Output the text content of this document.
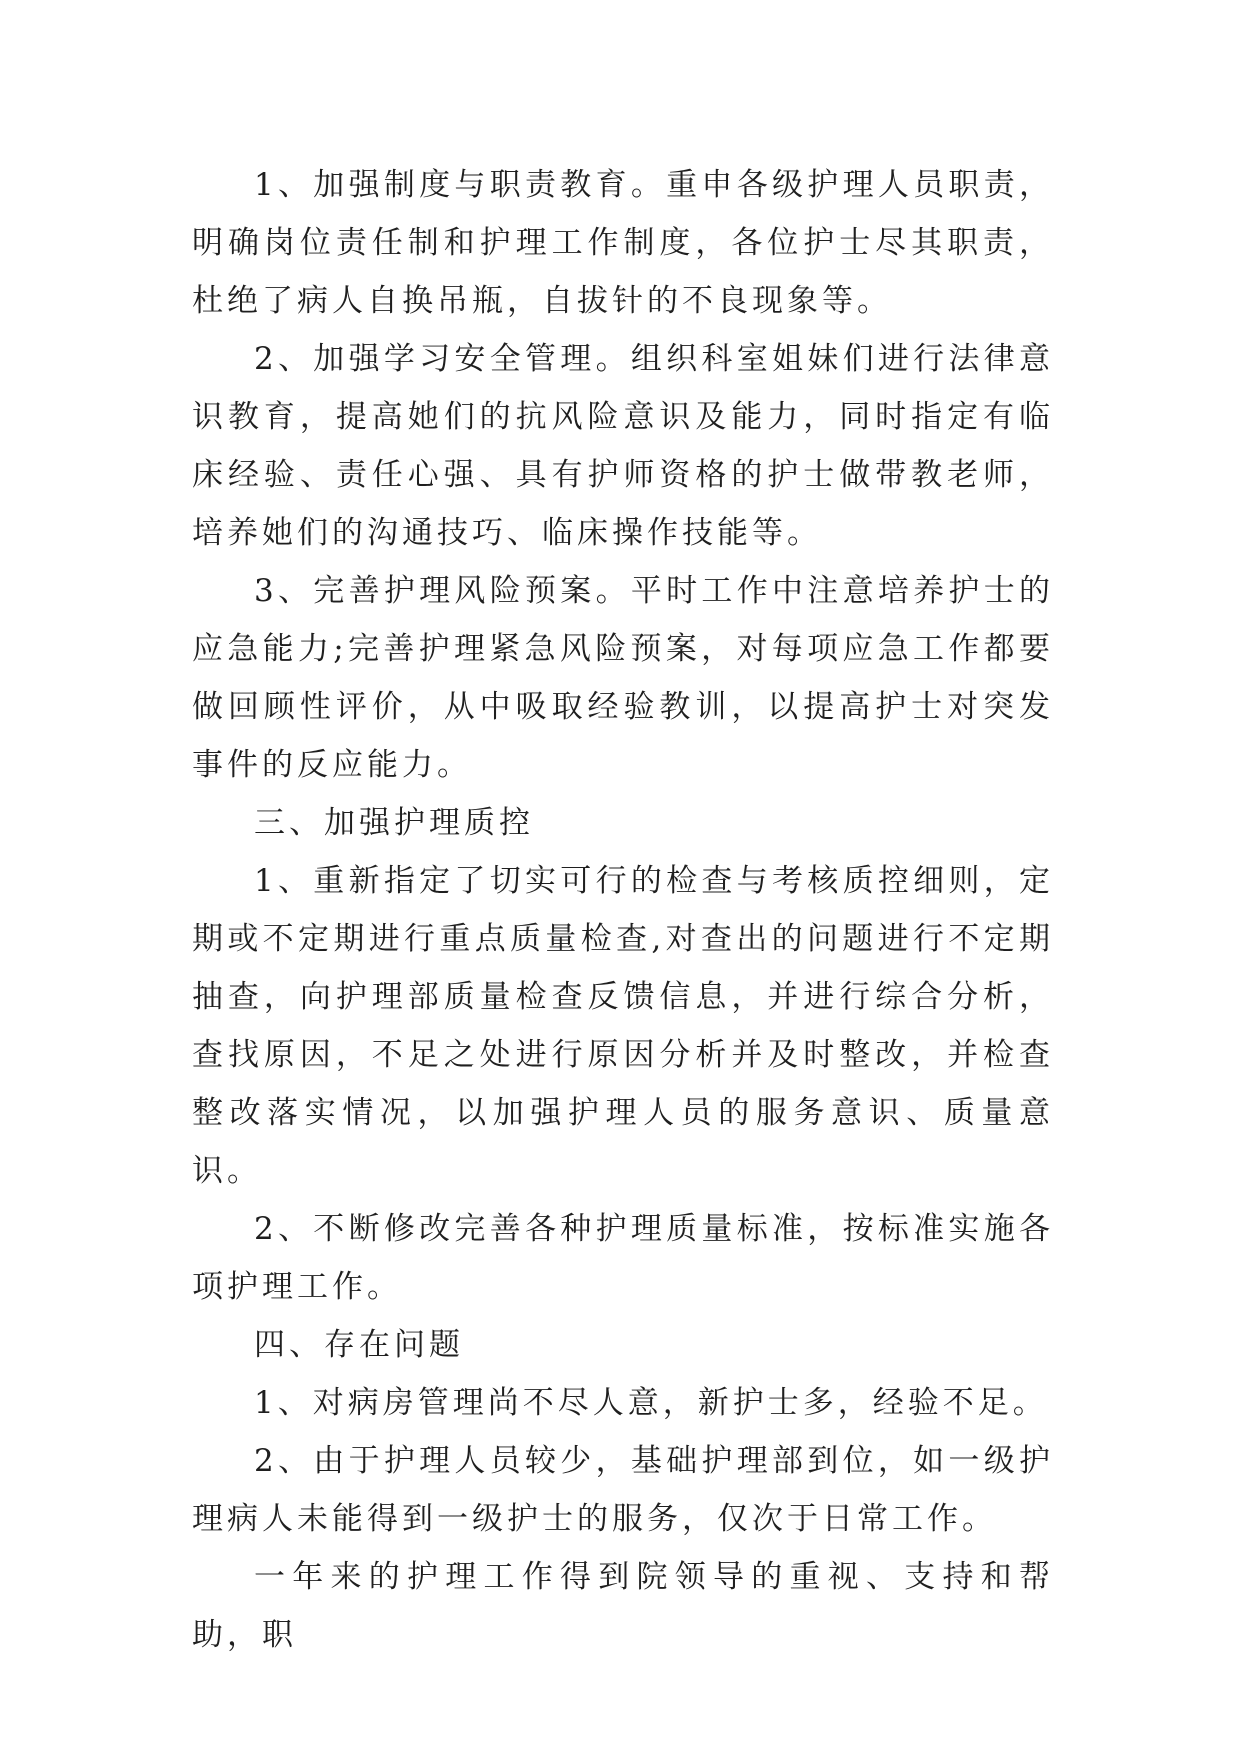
1、加强制度与职责教育。重申各级护理人员职责，明确岗位责任制和护理工作制度，各位护士尽其职责，杜绝了病人自换吊瓶，自拔针的不良现象等。

2、加强学习安全管理。组织科室姐妹们进行法律意识教育，提高她们的抗风险意识及能力，同时指定有临床经验、责任心强、具有护师资格的护士做带教老师，培养她们的沟通技巧、临床操作技能等。

3、完善护理风险预案。平时工作中注意培养护士的应急能力;完善护理紧急风险预案，对每项应急工作都要做回顾性评价，从中吸取经验教训，以提高护士对突发事件的反应能力。

三、加强护理质控

1、重新指定了切实可行的检查与考核质控细则，定期或不定期进行重点质量检查,对查出的问题进行不定期抽查，向护理部质量检查反馈信息，并进行综合分析，查找原因，不足之处进行原因分析并及时整改，并检查整改落实情况，以加强护理人员的服务意识、质量意识。

2、不断修改完善各种护理质量标准，按标准实施各项护理工作。

四、存在问题

1、对病房管理尚不尽人意，新护士多，经验不足。

2、由于护理人员较少，基础护理部到位，如一级护理病人未能得到一级护士的服务，仅次于日常工作。

一年来的护理工作得到院领导的重视、支持和帮助，职
